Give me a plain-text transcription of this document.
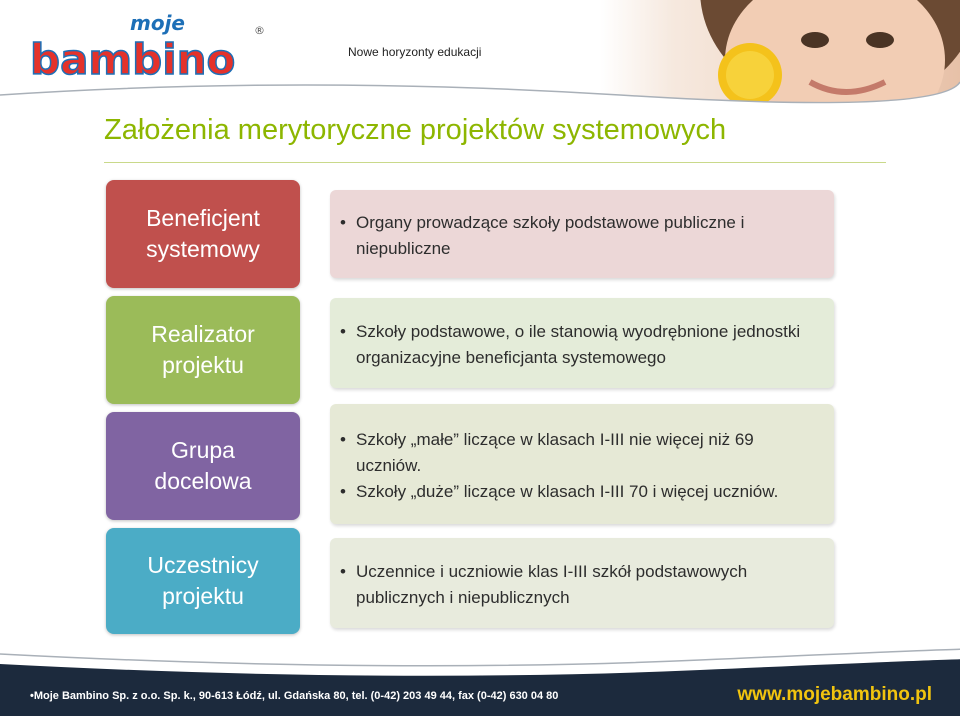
moje
bambino
®
Nowe horyzonty edukacji
Założenia merytoryczne projektów systemowych
Beneficjent
systemowy
• Organy prowadzące szkoły podstawowe publiczne i niepubliczne
Realizator
projektu
• Szkoły podstawowe, o ile stanowią wyodrębnione jednostki organizacyjne beneficjanta systemowego
Grupa
docelowa
• Szkoły „małe” liczące w klasach I-III nie więcej niż 69 uczniów.
• Szkoły „duże” liczące w klasach I-III 70 i więcej uczniów.
Uczestnicy
projektu
• Uczennice i uczniowie klas I-III szkół podstawowych publicznych i niepublicznych
•Moje Bambino Sp. z o.o. Sp. k., 90-613 Łódź, ul. Gdańska 80, tel. (0-42) 203 49 44, fax (0-42) 630 04 80	www.mojebambino.pl
